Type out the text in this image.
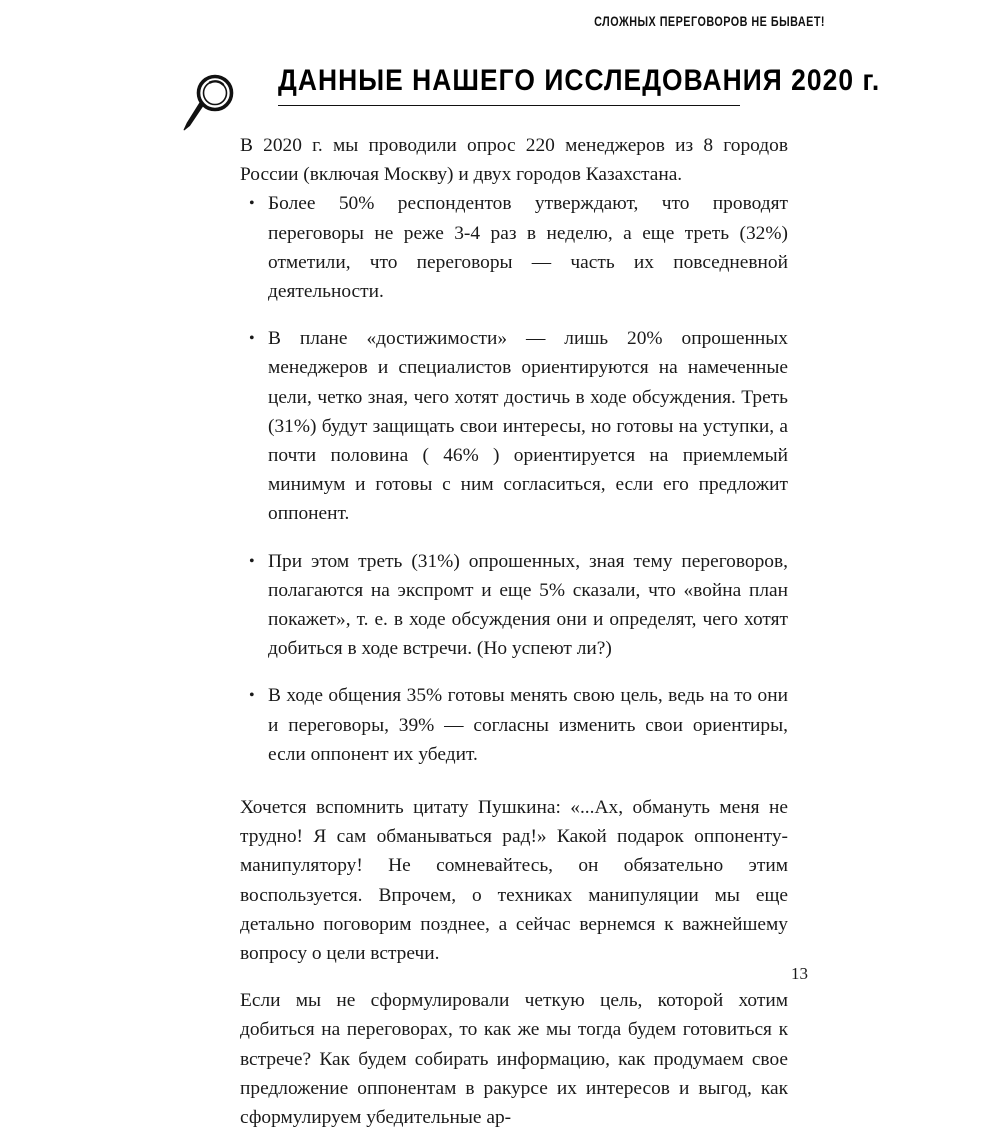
СЛОЖНЫХ ПЕРЕГОВОРОВ НЕ БЫВАЕТ!
ДАННЫЕ НАШЕГО ИССЛЕДОВАНИЯ 2020 г.

В 2020 г. мы проводили опрос 220 менеджеров из 8 городов России (включая Москву) и двух городов Казахстана.

• Более 50% респондентов утверждают, что проводят переговоры не реже 3-4 раз в неделю, а еще треть (32%) отметили, что переговоры — часть их повседневной деятельности.
• В плане «достижимости» — лишь 20% опрошенных менеджеров и специалистов ориентируются на намеченные цели, четко зная, чего хотят достичь в ходе обсуждения. Треть (31%) будут защищать свои интересы, но готовы на уступки, а почти половина ( 46% ) ориентируется на приемлемый минимум и готовы с ним согласиться, если его предложит оппонент.
• При этом треть (31%) опрошенных, зная тему переговоров, полагаются на экспромт и еще 5% сказали, что «война план покажет», т. е. в ходе обсуждения они и определят, чего хотят добиться в ходе встречи. (Но успеют ли?)
• В ходе общения 35% готовы менять свою цель, ведь на то они и переговоры, 39% — согласны изменить свои ориентиры, если оппонент их убедит.

Хочется вспомнить цитату Пушкина: «...Ах, обмануть меня не трудно! Я сам обманываться рад!» Какой подарок оппоненту-манипулятору! Не сомневайтесь, он обязательно этим воспользуется. Впрочем, о техниках манипуляции мы еще детально поговорим позднее, а сейчас вернемся к важнейшему вопросу о цели встречи.

Если мы не сформулировали четкую цель, которой хотим добиться на переговорах, то как же мы тогда будем готовиться к встрече? Как будем собирать информацию, как продумаем свое предложение оппонентам в ракурсе их интересов и выгод, как сформулируем убедительные ар-

13
